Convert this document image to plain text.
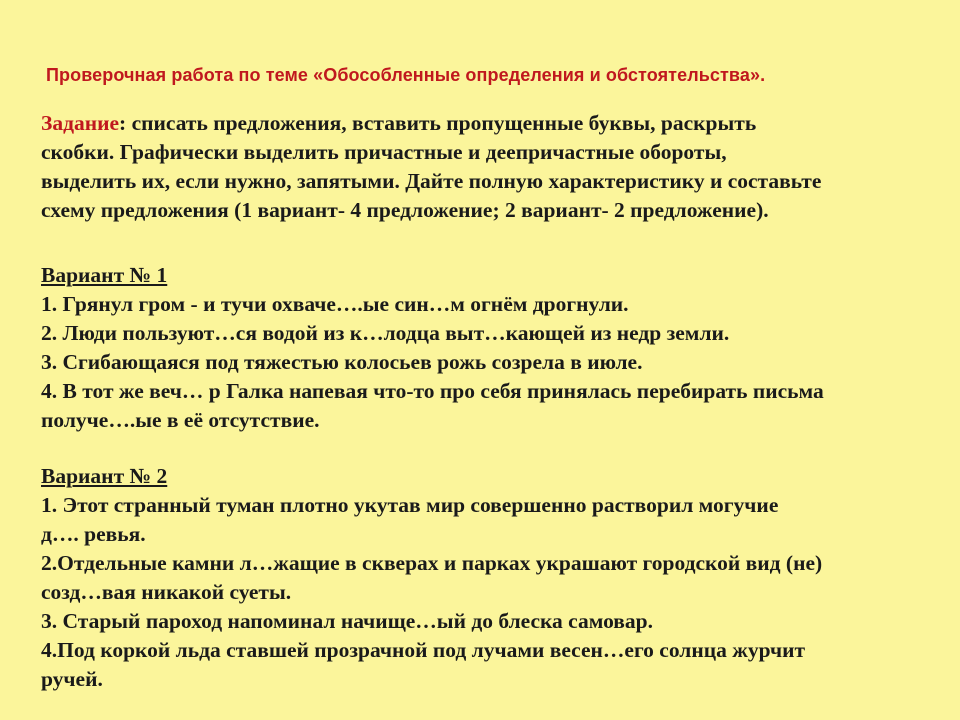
Проверочная работа по теме «Обособленные определения и обстоятельства».
Задание: списать предложения, вставить пропущенные буквы, раскрыть
скобки. Графически выделить причастные и деепричастные обороты,
выделить их, если нужно, запятыми. Дайте полную характеристику и составьте
схему предложения (1 вариант- 4 предложение; 2 вариант- 2 предложение).
Вариант № 1
1. Грянул гром - и тучи охваче….ые син…м огнём дрогнули.
2. Люди пользуют…ся водой из к…лодца выт…кающей из недр земли.
3. Сгибающаяся под тяжестью колосьев рожь созрела в июле.
4. В тот же веч… р Галка напевая что-то про себя принялась перебирать письма
получе….ые в её отсутствие.
Вариант № 2
1. Этот странный туман плотно укутав мир совершенно растворил могучие
д…. ревья.
2.Отдельные камни л…жащие в скверах и парках украшают городской вид (не)
созд…вая никакой суеты.
3. Старый пароход напоминал начище…ый до блеска самовар.
4.Под коркой льда ставшей прозрачной под лучами весен…его солнца журчит
ручей.
